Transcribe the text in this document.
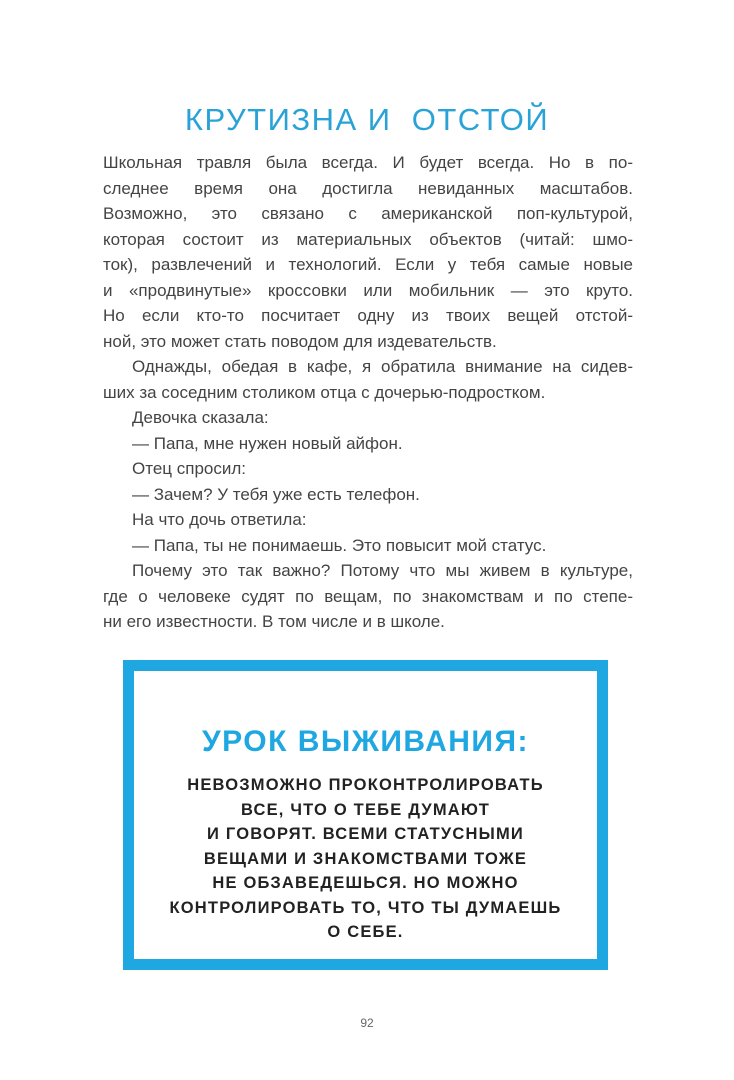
КРУТИЗНА И  ОТСТОЙ
Школьная травля была всегда. И будет всегда. Но в по-
следнее время она достигла невиданных масштабов.
Возможно, это связано с американской поп-культурой,
которая состоит из материальных объектов (читай: шмо-
ток), развлечений и технологий. Если у тебя самые новые
и «продвинутые» кроссовки или мобильник — это круто.
Но если кто-то посчитает одну из твоих вещей отстой-
ной, это может стать поводом для издевательств.
Однажды, обедая в кафе, я обратила внимание на сидев-
ших за соседним столиком отца с дочерью-подростком.
Девочка сказала:
— Папа, мне нужен новый айфон.
Отец спросил:
— Зачем? У тебя уже есть телефон.
На что дочь ответила:
— Папа, ты не понимаешь. Это повысит мой статус.
Почему это так важно? Потому что мы живем в культуре,
где о человеке судят по вещам, по знакомствам и по степе-
ни его известности. В том числе и в школе.
УРОК ВЫЖИВАНИЯ:
НЕВОЗМОЖНО ПРОКОНТРОЛИРОВАТЬ
ВСЕ, ЧТО О ТЕБЕ ДУМАЮТ
И ГОВОРЯТ. ВСЕМИ СТАТУСНЫМИ
ВЕЩАМИ И ЗНАКОМСТВАМИ ТОЖЕ
НЕ ОБЗАВЕДЕШЬСЯ. НО МОЖНО
КОНТРОЛИРОВАТЬ ТО, ЧТО ТЫ ДУМАЕШЬ
О СЕБЕ.
92
